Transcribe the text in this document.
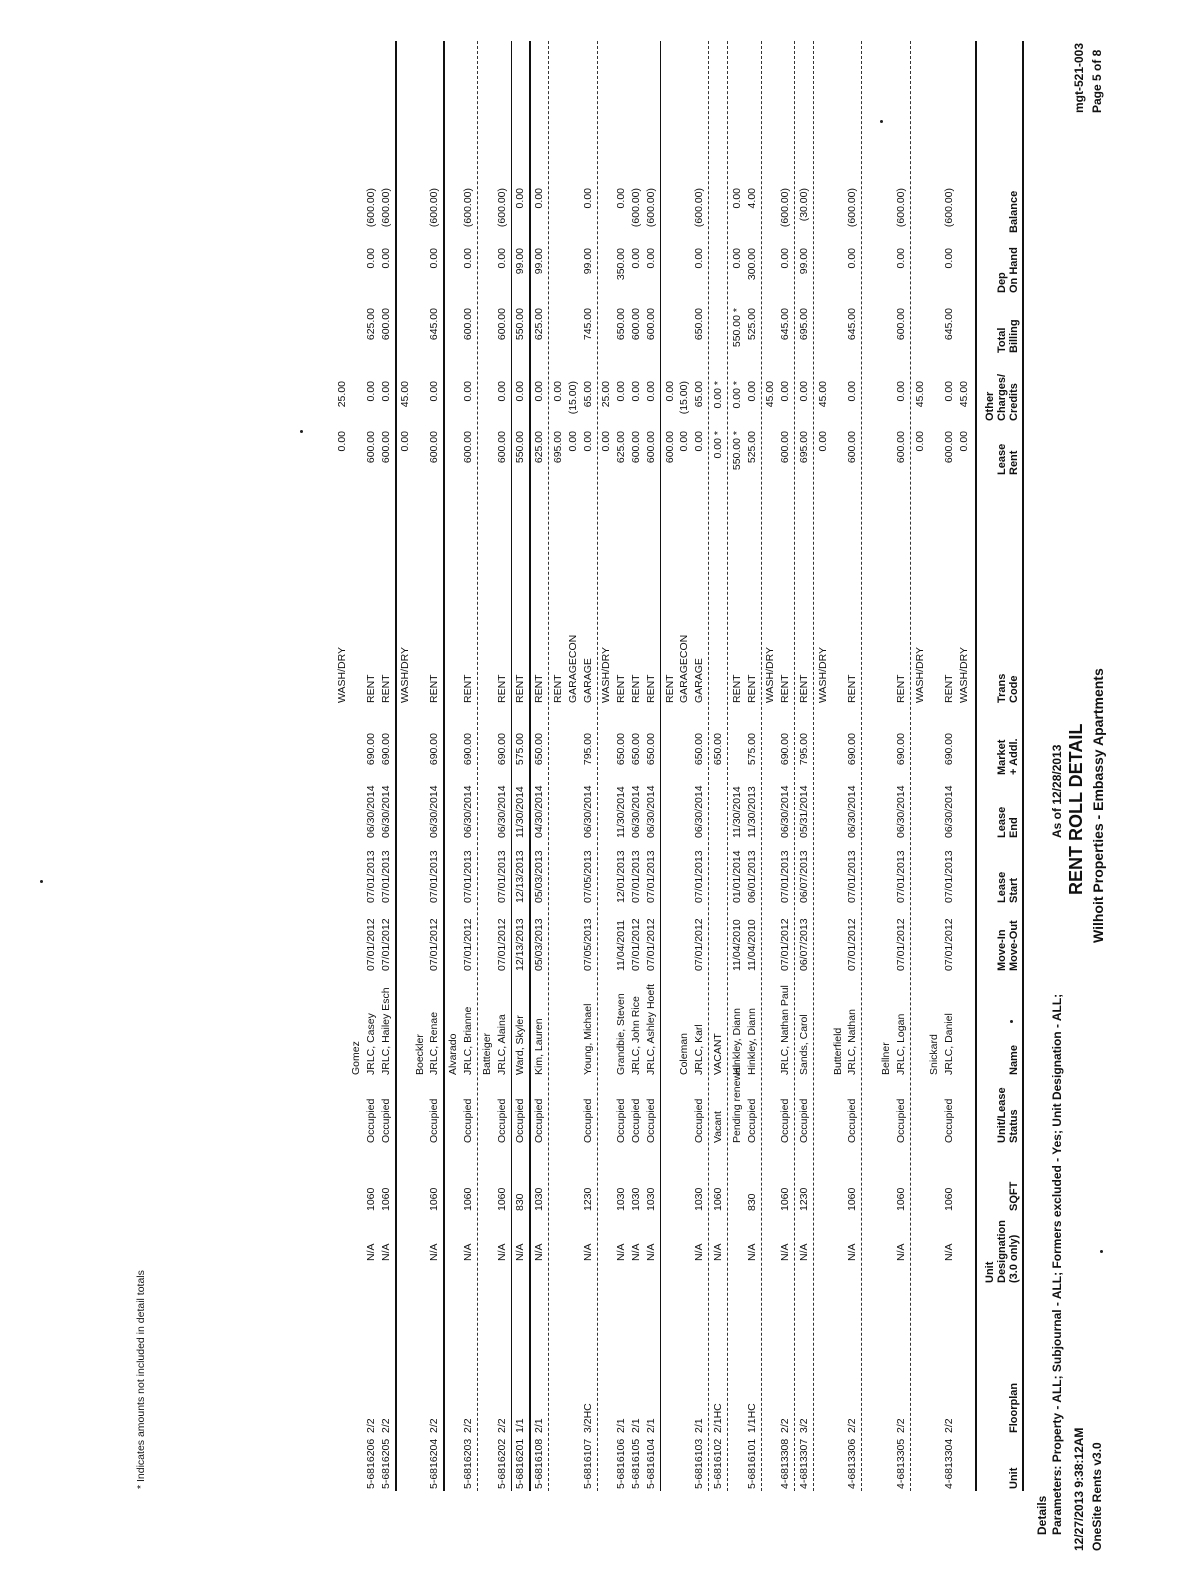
OneSite Rents v3.0
12/27/2013 9:38:12AM
Wilhoit Properties - Embassy Apartments
RENT ROLL DETAIL
As of 12/28/2013
Page 5 of 8
mgt-521-003
Parameters: Property - ALL; Subjournal - ALL; Formers excluded - Yes; Unit Designation - ALL;
Details
Unit
Floorplan
Unit Designation (3.0 only)
SQFT
Unit/Lease Status
Name
Move-In Move-Out
Lease Start
Lease End
Market + Addl.
Trans Code
Lease Rent
Other Charges/ Credits
Total Billing
Dep On Hand
Balance
WASH/DRY
0.00
45.00
4-6813304
2/2
N/A
1060
Occupied
JRLC, Daniel
07/01/2012
07/01/2013
06/30/2014
690.00
RENT
600.00
0.00
645.00
0.00
(600.00)
Snickard
WASH/DRY
0.00
45.00
4-6813305
2/2
N/A
1060
Occupied
JRLC, Logan
07/01/2012
07/01/2013
06/30/2014
690.00
RENT
600.00
0.00
600.00
0.00
(600.00)
Bellner
4-6813306
2/2
N/A
1060
Occupied
JRLC, Nathan
07/01/2012
07/01/2013
06/30/2014
690.00
RENT
600.00
0.00
645.00
0.00
(600.00)
Butterfield
WASH/DRY
0.00
45.00
4-6813307
3/2
N/A
1230
Occupied
Sands, Carol
06/07/2013
06/07/2013
05/31/2014
795.00
RENT
695.00
0.00
695.00
99.00
(30.00)
4-6813308
2/2
N/A
1060
Occupied
JRLC, Nathan Paul
07/01/2012
07/01/2013
06/30/2014
690.00
RENT
600.00
0.00
645.00
0.00
(600.00)
WASH/DRY
45.00
5-6816101
1/1HC
N/A
830
Occupied
Hinkley, Diann
11/04/2010
06/01/2013
11/30/2013
575.00
RENT
525.00
0.00
525.00
300.00
4.00
Pending renewal
Hinkley, Diann
11/04/2010
01/01/2014
11/30/2014
RENT
550.00 *
0.00 *
550.00 *
0.00
0.00
5-6816102
2/1HC
N/A
1060
Vacant
VACANT
650.00
0.00 *
0.00 *
5-6816103
2/1
N/A
1030
Occupied
JRLC, Karl
07/01/2012
07/01/2013
06/30/2014
650.00
GARAGE
0.00
65.00
650.00
0.00
(600.00)
Coleman
GARAGECON
0.00
(15.00)
RENT
600.00
0.00
5-6816104
2/1
N/A
1030
Occupied
JRLC, Ashley Hoeft
07/01/2012
07/01/2013
06/30/2014
650.00
RENT
600.00
0.00
600.00
0.00
(600.00)
5-6816105
2/1
N/A
1030
Occupied
JRLC, John Rice
07/01/2012
07/01/2013
06/30/2014
650.00
RENT
600.00
0.00
600.00
0.00
(600.00)
5-6816106
2/1
N/A
1030
Occupied
Grandbie, Steven
11/04/2011
12/01/2013
11/30/2014
650.00
RENT
625.00
0.00
650.00
350.00
0.00
WASH/DRY
0.00
25.00
5-6816107
3/2HC
N/A
1230
Occupied
Young, Michael
07/05/2013
07/05/2013
06/30/2014
795.00
GARAGE
0.00
65.00
745.00
99.00
0.00
GARAGECON
0.00
(15.00)
RENT
695.00
0.00
5-6816108
2/1
N/A
1030
Occupied
Kim, Lauren
05/03/2013
05/03/2013
04/30/2014
650.00
RENT
625.00
0.00
625.00
99.00
0.00
5-6816201
1/1
N/A
830
Occupied
Ward, Skyler
12/13/2013
12/13/2013
11/30/2014
575.00
RENT
550.00
0.00
550.00
99.00
0.00
5-6816202
2/2
N/A
1060
Occupied
JRLC, Alaina
07/01/2012
07/01/2013
06/30/2014
690.00
RENT
600.00
0.00
600.00
0.00
(600.00)
Batteiger
5-6816203
2/2
N/A
1060
Occupied
JRLC, Brianne
07/01/2012
07/01/2013
06/30/2014
690.00
RENT
600.00
0.00
600.00
0.00
(600.00)
Alvarado
5-6816204
2/2
N/A
1060
Occupied
JRLC, Renae
07/01/2012
07/01/2013
06/30/2014
690.00
RENT
600.00
0.00
645.00
0.00
(600.00)
Boeckler
WASH/DRY
0.00
45.00
5-6816205
2/2
N/A
1060
Occupied
JRLC, Hailey Esch
07/01/2012
07/01/2013
06/30/2014
690.00
RENT
600.00
0.00
600.00
0.00
(600.00)
5-6816206
2/2
N/A
1060
Occupied
JRLC, Casey
07/01/2012
07/01/2013
06/30/2014
690.00
RENT
600.00
0.00
625.00
0.00
(600.00)
Gomez
WASH/DRY
0.00
25.00
* Indicates amounts not included in detail totals
